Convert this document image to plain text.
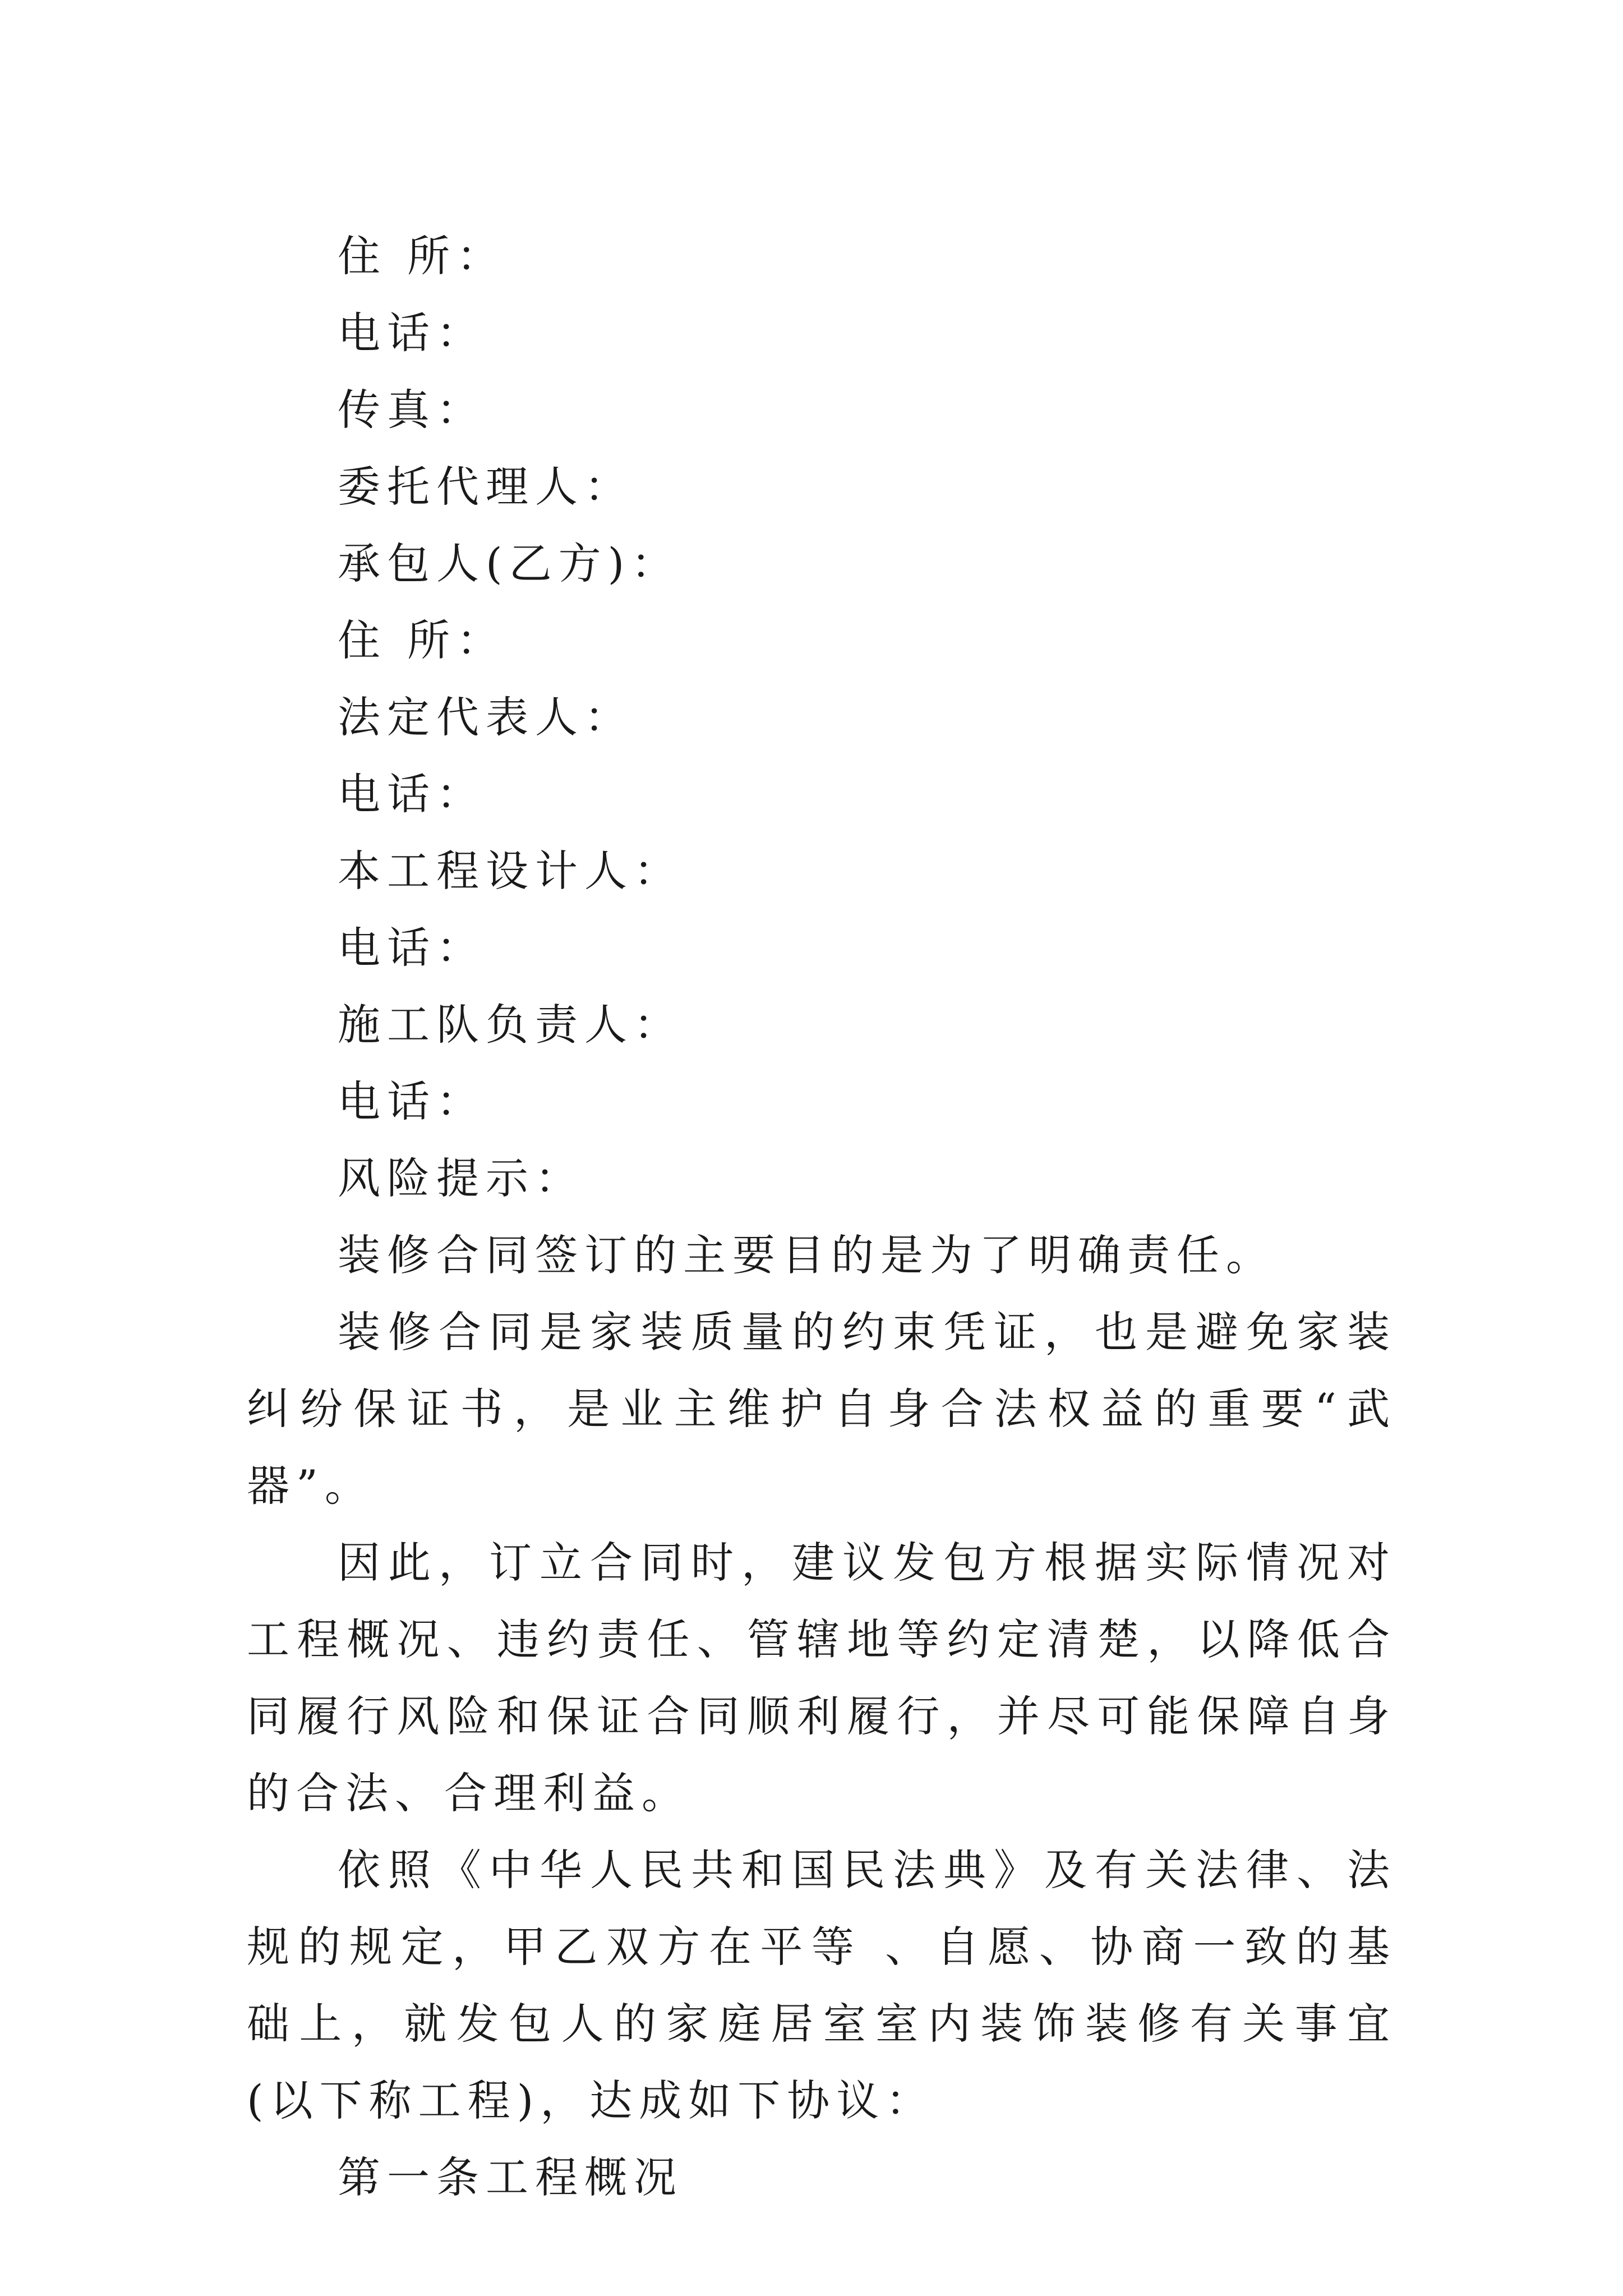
住 所：
电话：
传真：
委托代理人：
承包人(乙方)：
住 所：
法定代表人：
电话：
本工程设计人：
电话：
施工队负责人：
电话：
风险提示：

装修合同签订的主要目的是为了明确责任。

装修合同是家装质量的约束凭证，也是避免家装纠纷保证书，是业主维护自身合法权益的重要“武器”。

因此，订立合同时，建议发包方根据实际情况对工程概况、违约责任、管辖地等约定清楚，以降低合同履行风险和保证合同顺利履行，并尽可能保障自身的合法、合理利益。

依照《中华人民共和国民法典》及有关法律、法规的规定，甲乙双方在平等 、自愿、协商一致的基础上，就发包人的家庭居室室内装饰装修有关事宜(以下称工程)，达成如下协议：

第一条工程概况
